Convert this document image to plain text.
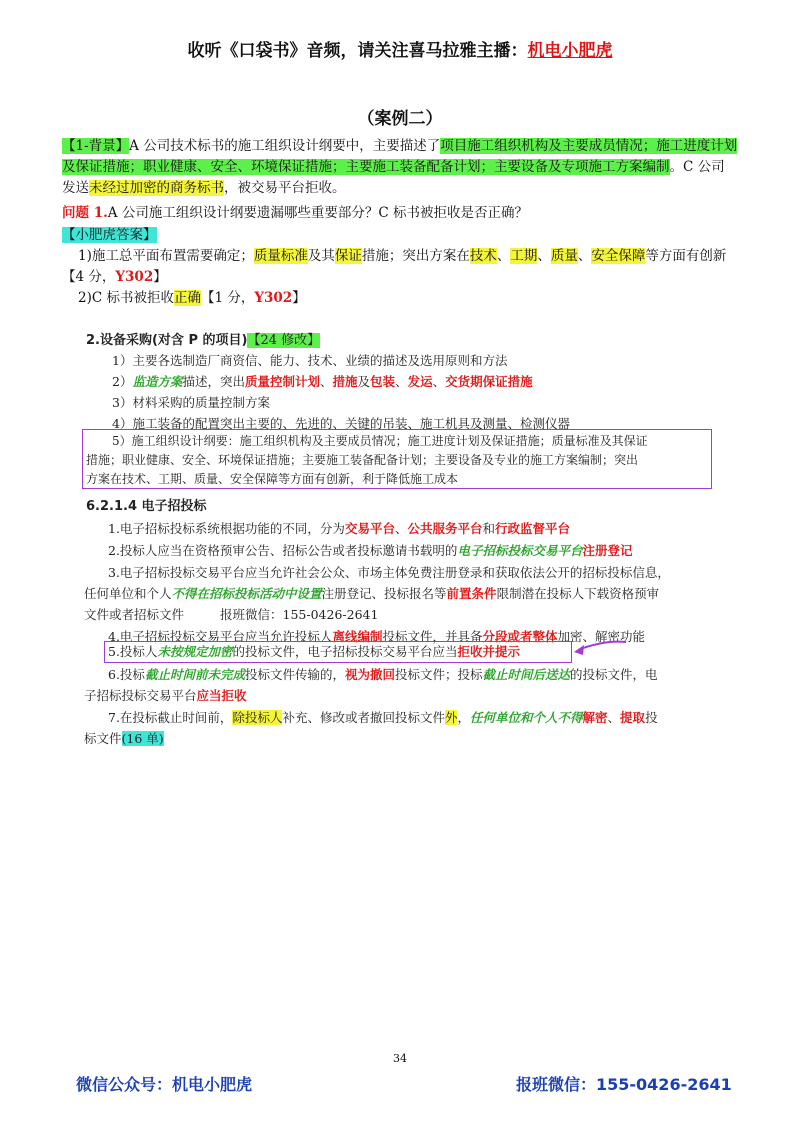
收听《口袋书》音频，请关注喜马拉雅主播：机电小肥虎
（案例二）
【1-背景】A 公司技术标书的施工组织设计纲要中，主要描述了项目施工组织机构及主要成员情况；施工进度计划及保证措施；职业健康、安全、环境保证措施；主要施工装备配备计划；主要设备及专项施工方案编制。C 公司发送未经过加密的商务标书，被交易平台拒收。
问题 1.A 公司施工组织设计纲要遗漏哪些重要部分？C 标书被拒收是否正确？
【小肥虎答案】
1)施工总平面布置需要确定；质量标准及其保证措施；突出方案在技术、工期、质量、安全保障等方面有创新【4 分，Y302】
2)C 标书被拒收正确【1 分，Y302】
2.设备采购(对含 P 的项目)【24 修改】
1）主要各选制造厂商资信、能力、技术、业绩的描述及选用原则和方法
2）监造方案描述，突出质量控制计划、措施及包装、发运、交货期保证措施
3）材料采购的质量控制方案
4）施工装备的配置突出主要的、先进的、关键的吊装、施工机具及测量、检测仪器
5）施工组织设计纲要：施工组织机构及主要成员情况；施工进度计划及保证措施；质量标准及其保证
措施；职业健康、安全、环境保证措施；主要施工装备配备计划；主要设备及专业的施工方案编制；突出
方案在技术、工期、质量、安全保障等方面有创新，利于降低施工成本
6.2.1.4 电子招投标
1.电子招标投标系统根据功能的不同，分为交易平台、公共服务平台和行政监督平台
2.投标人应当在资格预审公告、招标公告或者投标邀请书载明的电子招标投标交易平台注册登记
3.电子招标投标交易平台应当允许社会公众、市场主体免费注册登录和获取依法公开的招标投标信息，
任何单位和个人不得在招标投标活动中设置注册登记、投标报名等前置条件限制潜在投标人下载资格预审
文件或者招标文件	报班微信：155-0426-2641
4.电子招标投标交易平台应当允许投标人离线编制投标文件，并具备分段或者整体加密、解密功能
5.投标人未按规定加密的投标文件，电子招标投标交易平台应当拒收并提示
6.投标截止时间前未完成投标文件传输的，视为撤回投标文件；投标截止时间后送达的投标文件，电
子招标投标交易平台应当拒收
7.在投标截止时间前，除投标人补充、修改或者撤回投标文件外，任何单位和个人不得解密、提取投
标文件(16 单)
34
微信公众号：机电小肥虎	报班微信：155-0426-2641
